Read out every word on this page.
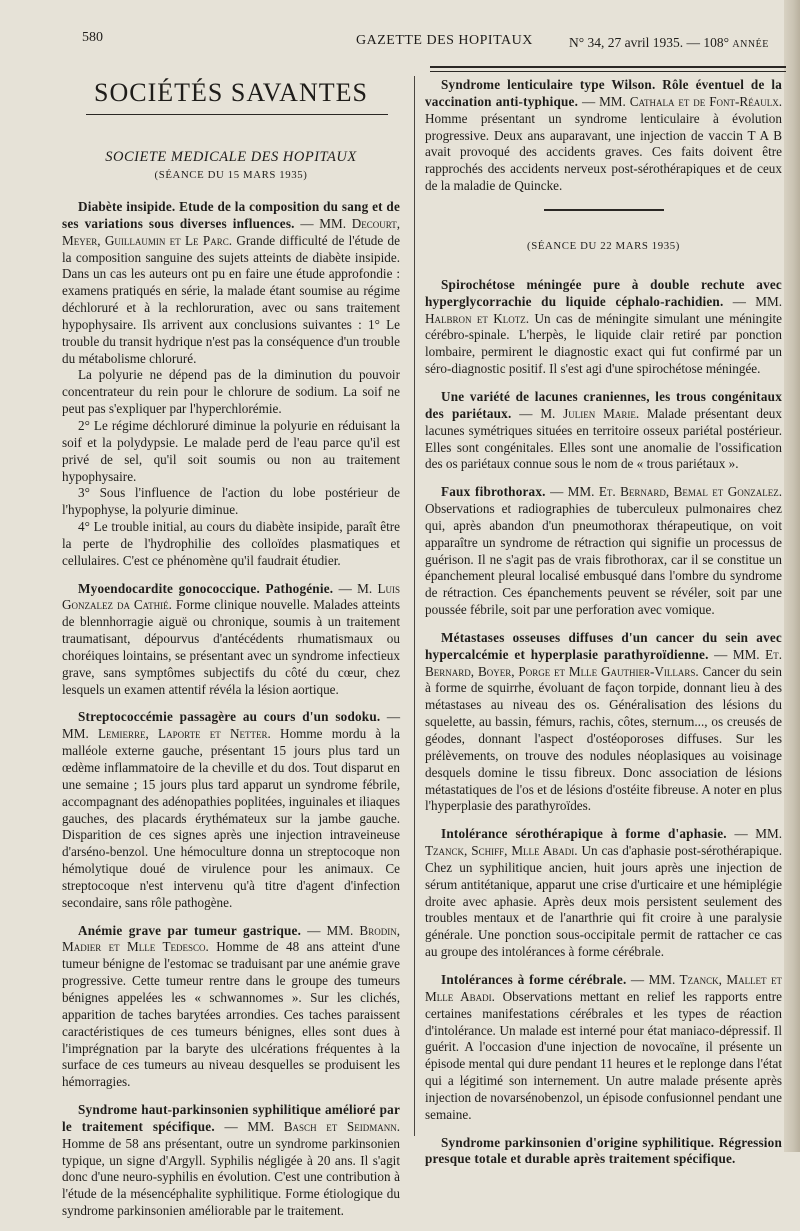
580	GAZETTE DES HOPITAUX	N° 34, 27 avril 1935. — 108° ANNÉE
SOCIÉTÉS SAVANTES
SOCIETE MEDICALE DES HOPITAUX
(SÉANCE DU 15 MARS 1935)

Diabète insipide. Etude de la composition du sang et de ses variations sous diverses influences. — MM. Decourt, Meyer, Guillaumin et Le Parc. Grande difficulté de l'étude de la composition sanguine des sujets atteints de diabète insipide. Dans un cas les auteurs ont pu en faire une étude approfondie : examens pratiqués en série, la malade étant soumise au régime déchloruré et à la rechloruration, avec ou sans traitement hypophysaire. Ils arrivent aux conclusions suivantes : 1° Le trouble du transit hydrique n'est pas la conséquence d'un trouble du métabolisme chloruré.

La polyurie ne dépend pas de la diminution du pouvoir concentrateur du rein pour le chlorure de sodium. La soif ne peut pas s'expliquer par l'hyperchlorémie.

2° Le régime déchloruré diminue la polyurie en réduisant la soif et la polydypsie. Le malade perd de l'eau parce qu'il est privé de sel, qu'il soit soumis ou non au traitement hypophysaire.

3° Sous l'influence de l'action du lobe postérieur de l'hypophyse, la polyurie diminue.

4° Le trouble initial, au cours du diabète insipide, paraît être la perte de l'hydrophilie des colloïdes plasmatiques et cellulaires. C'est ce phénomène qu'il faudrait étudier.

Myoendocardite gonococcique. Pathogénie. — M. Luis Gonzalez da Cathié. Forme clinique nouvelle. Malades atteints de blennhorragie aiguë ou chronique, soumis à un traitement traumatisant, dépourvus d'antécédents rhumatismaux ou choréiques lointains, se présentant avec un syndrome infectieux grave, sans symptômes subjectifs du côté du cœur, chez lesquels un examen attentif révéla la lésion aortique.

Streptococcémie passagère au cours d'un sodoku. — MM. Lemierre, Laporte et Netter. Homme mordu à la malléole externe gauche, présentant 15 jours plus tard un œdème inflammatoire de la cheville et du dos. Tout disparut en une semaine ; 15 jours plus tard apparut un syndrome fébrile, accompagnant des adénopathies poplitées, inguinales et iliaques gauches, des placards érythémateux sur la jambe gauche. Disparition de ces signes après une injection intraveineuse d'arséno-benzol. Une hémoculture donna un streptocoque non hémolytique doué de virulence pour les animaux. Ce streptocoque n'est intervenu qu'à titre d'agent d'infection secondaire, sans rôle pathogène.

Anémie grave par tumeur gastrique. — MM. Brodin, Madier et Mlle Tedesco. Homme de 48 ans atteint d'une tumeur bénigne de l'estomac se traduisant par une anémie grave progressive. Cette tumeur rentre dans le groupe des tumeurs bénignes appelées les « schwannomes ». Sur les clichés, apparition de taches barytées arrondies. Ces taches paraissent caractéristiques de ces tumeurs bénignes, elles sont dues à l'imprégnation par la baryte des ulcérations fréquentes à la surface de ces tumeurs au niveau desquelles se produisent les hémorragies.

Syndrome haut-parkinsonien syphilitique amélioré par le traitement spécifique. — MM. Basch et Seidmann. Homme de 58 ans présentant, outre un syndrome parkinsonien typique, un signe d'Argyll. Syphilis négligée à 20 ans. Il s'agit donc d'une neuro-syphilis en évolution. C'est une contribution à l'étude de la mésencéphalite syphilitique. Forme étiologique du syndrome parkinsonien améliorable par le traitement.

Syndrome lenticulaire type Wilson. Rôle éventuel de la vaccination anti-typhique. — MM. Cathala et de Font-Réaulx. Homme présentant un syndrome lenticulaire à évolution progressive. Deux ans auparavant, une injection de vaccin T A B avait provoqué des accidents graves. Ces faits doivent être rapprochés des accidents nerveux post-sérothérapiques et de ceux de la maladie de Quincke.

(SÉANCE DU 22 MARS 1935)

Spirochétose méningée pure à double rechute avec hyperglycorrachie du liquide céphalo-rachidien. — MM. Halbron et Klotz. Un cas de méningite simulant une méningite cérébro-spinale. L'herpès, le liquide clair retiré par ponction lombaire, permirent le diagnostic exact qui fut confirmé par un séro-diagnostic positif. Il s'est agi d'une spirochétose méningée.

Une variété de lacunes craniennes, les trous congénitaux des pariétaux. — M. Julien Marie. Malade présentant deux lacunes symétriques situées en territoire osseux pariétal postérieur. Elles sont congénitales. Elles sont une anomalie de l'ossification des os pariétaux connue sous le nom de « trous pariétaux ».

Faux fibrothorax. — MM. Et. Bernard, Bemal et Gonzalez. Observations et radiographies de tuberculeux pulmonaires chez qui, après abandon d'un pneumothorax thérapeutique, on voit apparaître un syndrome de rétraction qui signifie un processus de guérison. Il ne s'agit pas de vrais fibrothorax, car il se constitue un épanchement pleural localisé embusqué dans l'ombre du syndrome de rétraction. Ces épanchements peuvent se révéler, soit par une poussée fébrile, soit par une perforation avec vomique.

Métastases osseuses diffuses d'un cancer du sein avec hypercalcémie et hyperplasie parathyroïdienne. — MM. Et. Bernard, Boyer, Porge et Mlle Gauthier-Villars. Cancer du sein à forme de squirrhe, évoluant de façon torpide, donnant lieu à des métastases au niveau des os. Généralisation des lésions du squelette, au bassin, fémurs, rachis, côtes, sternum..., os creusés de géodes, donnant l'aspect d'ostéoporoses diffuses. Sur les prélèvements, on trouve des nodules néoplasiques au voisinage desquels domine le tissu fibreux. Donc association de lésions métastatiques de l'os et de lésions d'ostéite fibreuse. A noter en plus l'hyperplasie des parathyroïdes.

Intolérance sérothérapique à forme d'aphasie. — MM. Tzanck, Schiff, Mlle Abadi. Un cas d'aphasie post-sérothérapique. Chez un syphilitique ancien, huit jours après une injection de sérum antitétanique, apparut une crise d'urticaire et une hémiplégie droite avec aphasie. Après deux mois persistent seulement des troubles mentaux et de l'anarthrie qui fit croire à une paralysie générale. Une ponction sous-occipitale permit de rattacher ce cas au groupe des intolérances à forme cérébrale.

Intolérances à forme cérébrale. — MM. Tzanck, Mallet et Mlle Abadi. Observations mettant en relief les rapports entre certaines manifestations cérébrales et les types de réaction d'intolérance. Un malade est interné pour état maniaco-dépressif. Il guérit. A l'occasion d'une injection de novocaïne, il présente un épisode mental qui dure pendant 11 heures et le replonge dans l'état qui a légitimé son internement. Un autre malade présente après injection de novarsénobenzol, un épisode confusionnel pendant une semaine.

Syndrome parkinsonien d'origine syphilitique. Régression presque totale et durable après traitement spécifique.
